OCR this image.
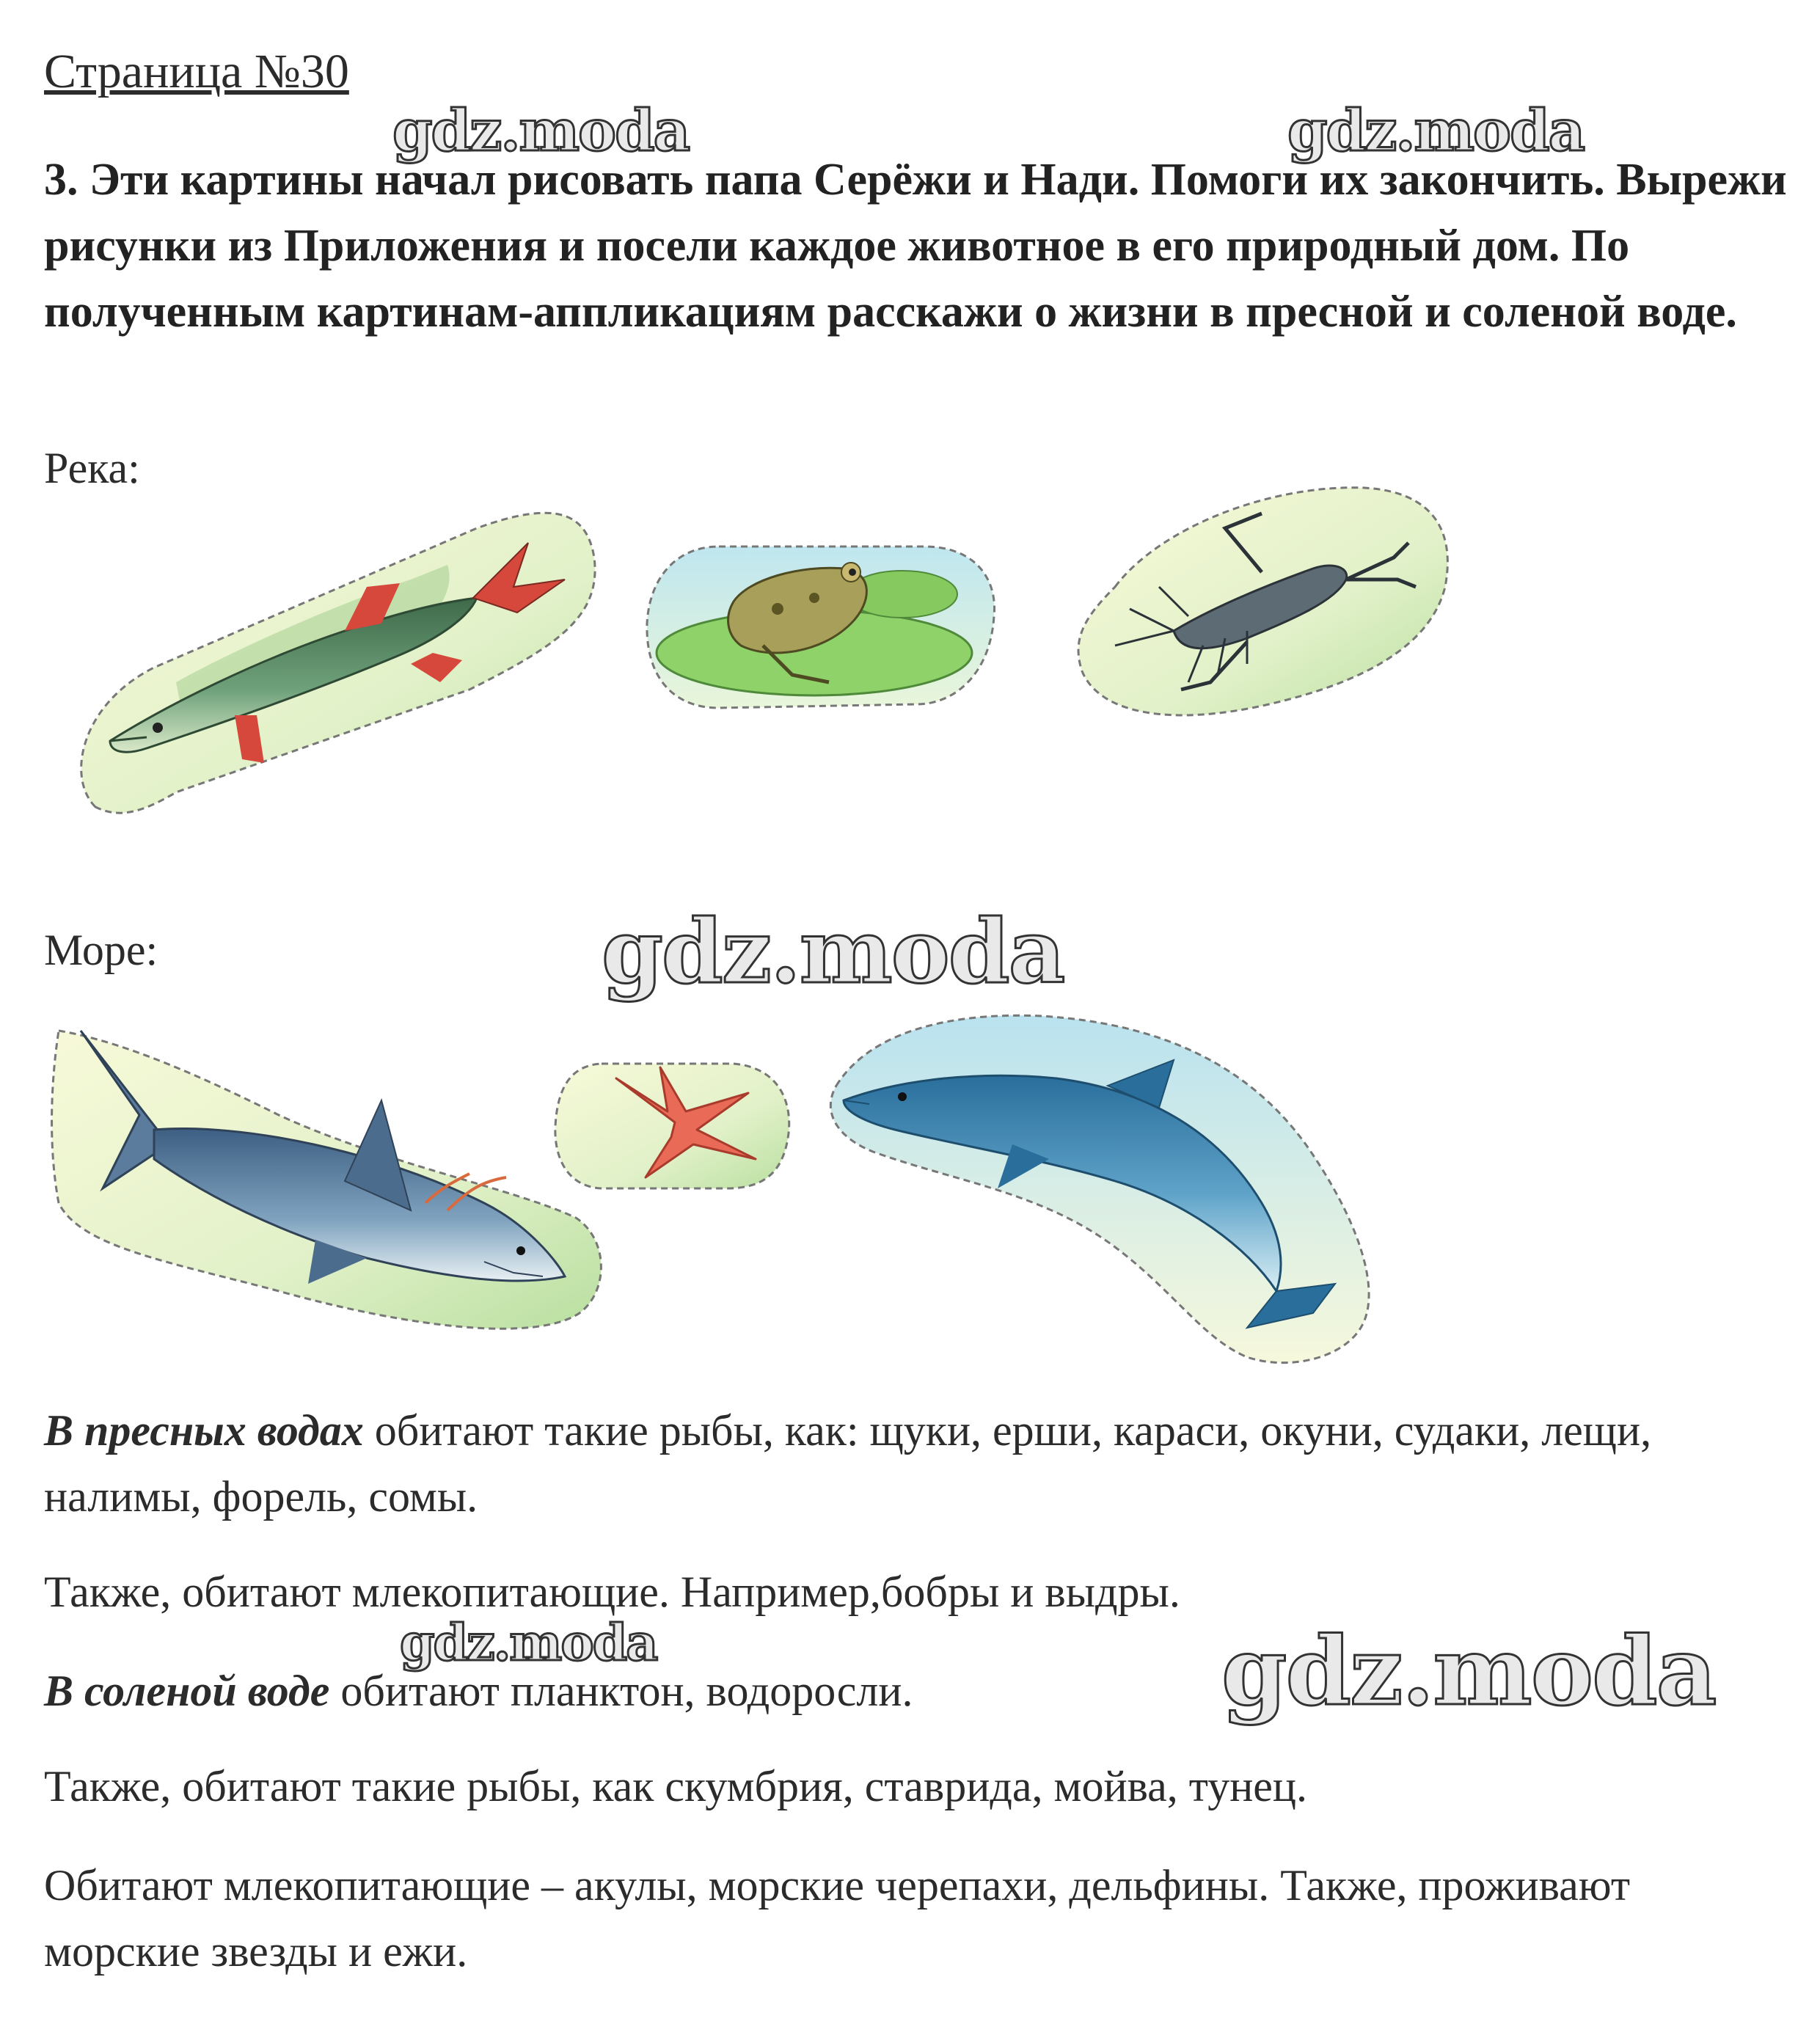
Страница №30
gdz.moda	gdz.moda
3. Эти картины начал рисовать папа Серёжи и Нади. Помоги их закончить. Вырежи рисунки из Приложения и посели каждое животное в его природный дом. По полученным картинам-аппликациям расскажи о жизни в пресной и соленой воде.
Река:
Море:	gdz.moda
В пресных водах обитают такие рыбы, как: щуки, ерши, караси, окуни, судаки, лещи, налимы, форель, сомы.
Также, обитают млекопитающие. Например,бобры и выдры.
gdz.moda
В соленой воде обитают планктон, водоросли.	gdz.moda
Также, обитают такие рыбы, как скумбрия, ставрида, мойва, тунец.
Обитают млекопитающие – акулы, морские черепахи, дельфины. Также, проживают морские звезды и ежи.
